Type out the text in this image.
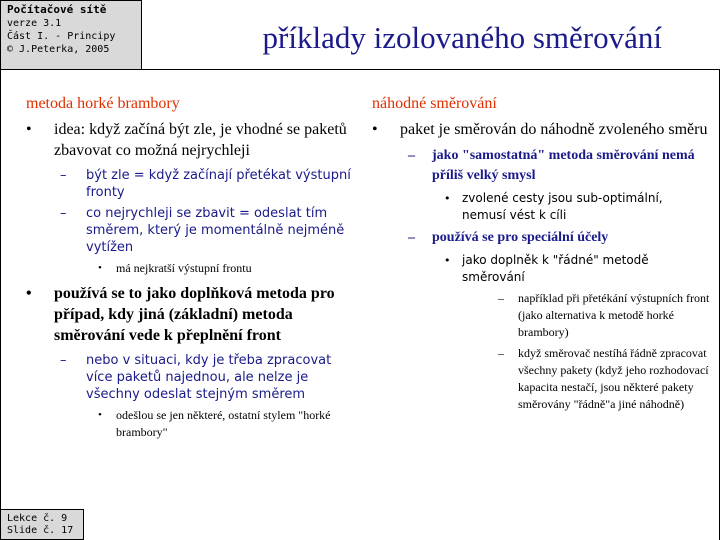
Počítačové sítě
verze 3.1
Část I. - Principy
© J.Peterka, 2005	příklady izolovaného směrování
metoda horké brambory
• idea: když začíná být zle, je vhodné se paketů zbavovat co možná nejrychleji
– být zle = když začínají přetékat výstupní fronty
– co nejrychleji se zbavit = odeslat tím směrem, který je momentálně nejméně vytížen
• má nejkratší výstupní frontu
• používá se to jako doplňková metoda pro případ, kdy jiná (základní) metoda směrování vede k přeplnění front
– nebo v situaci, kdy je třeba zpracovat více paketů najednou, ale nelze je všechny odeslat stejným směrem
• odešlou se jen některé, ostatní stylem "horké brambory"
náhodné směrování
• paket je směrován do náhodně zvoleného směru
– jako "samostatná" metoda směrování nemá příliš velký smysl
• zvolené cesty jsou sub-optimální, nemusí vést k cíli
– používá se pro speciální účely
• jako doplněk k "řádné" metodě směrování
– například při přetékání výstupních front
(jako alternativa k metodě horké brambory)
– když směrovač nestíhá řádně zpracovat všechny pakety (když jeho rozhodovací kapacita nestačí, jsou některé pakety směrovány "řádně"a jiné náhodně)
Lekce č. 9
Slide č. 17
